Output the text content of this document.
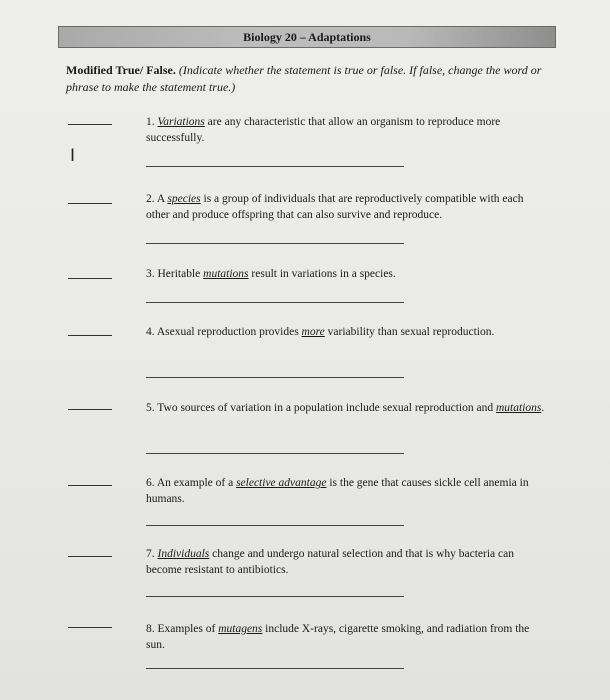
Biology 20 – Adaptations
Modified True/ False. (Indicate whether the statement is true or false. If false, change the word or phrase to make the statement true.)
I
1. Variations are any characteristic that allow an organism to reproduce more successfully.
2. A species is a group of individuals that are reproductively compatible with each other and produce offspring that can also survive and reproduce.
3. Heritable mutations result in variations in a species.
4. Asexual reproduction provides more variability than sexual reproduction.
5. Two sources of variation in a population include sexual reproduction and mutations.
6. An example of a selective advantage is the gene that causes sickle cell anemia in humans.
7. Individuals change and undergo natural selection and that is why bacteria can become resistant to antibiotics.
8. Examples of mutagens include X-rays, cigarette smoking, and radiation from the sun.
